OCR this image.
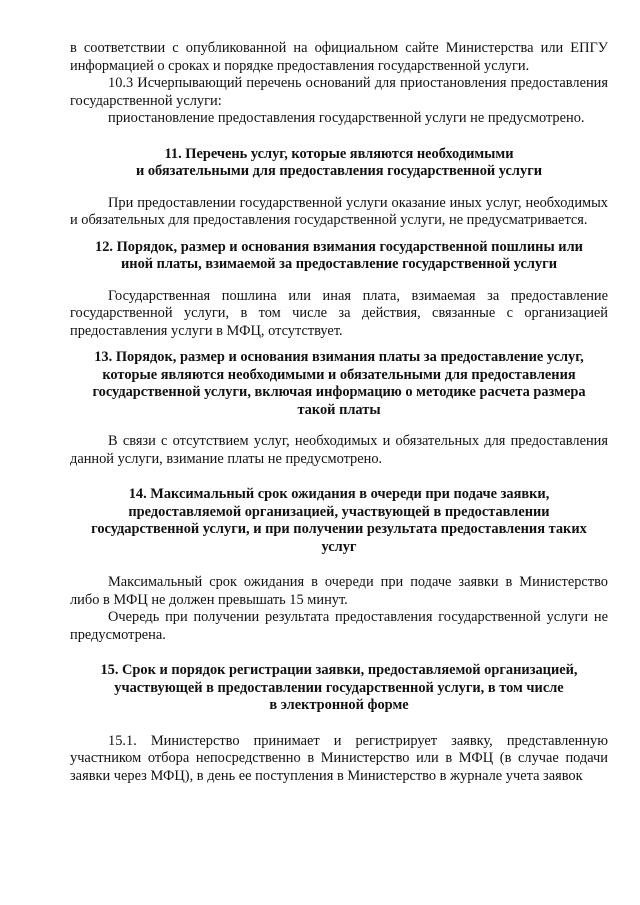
в соответствии с опубликованной на официальном сайте Министерства или ЕПГУ информацией о сроках и порядке предоставления государственной услуги.

10.3 Исчерпывающий перечень оснований для приостановления предоставления государственной услуги:

приостановление предоставления государственной услуги не предусмотрено.

11. Перечень услуг, которые являются необходимыми

и обязательными для предоставления государственной услуги

При предоставлении государственной услуги оказание иных услуг, необходимых и обязательных для предоставления государственной услуги, не предусматривается.

12. Порядок, размер и основания взимания государственной пошлины или

иной платы, взимаемой за предоставление государственной услуги

Государственная пошлина или иная плата, взимаемая за предоставление государственной услуги, в том числе за действия, связанные с организацией предоставления услуги в МФЦ, отсутствует.

13. Порядок, размер и основания взимания платы за предоставление услуг,

которые являются необходимыми и обязательными для предоставления

государственной услуги, включая информацию о методике расчета размера

такой платы

В связи с отсутствием услуг, необходимых и обязательных для предоставления данной услуги, взимание платы не предусмотрено.

14. Максимальный срок ожидания в очереди при подаче заявки,

предоставляемой организацией, участвующей в предоставлении

государственной услуги, и при получении результата предоставления таких

услуг

Максимальный срок ожидания в очереди при подаче заявки в Министерство либо в МФЦ не должен превышать 15 минут.

Очередь при получении результата предоставления государственной услуги не предусмотрена.

15. Срок и порядок регистрации заявки, предоставляемой организацией,

участвующей в предоставлении государственной услуги, в том числе

в электронной форме

15.1. Министерство принимает и регистрирует заявку, представленную участником отбора непосредственно в Министерство или в МФЦ (в случае подачи заявки через МФЦ), в день ее поступления в Министерство в журнале учета заявок
